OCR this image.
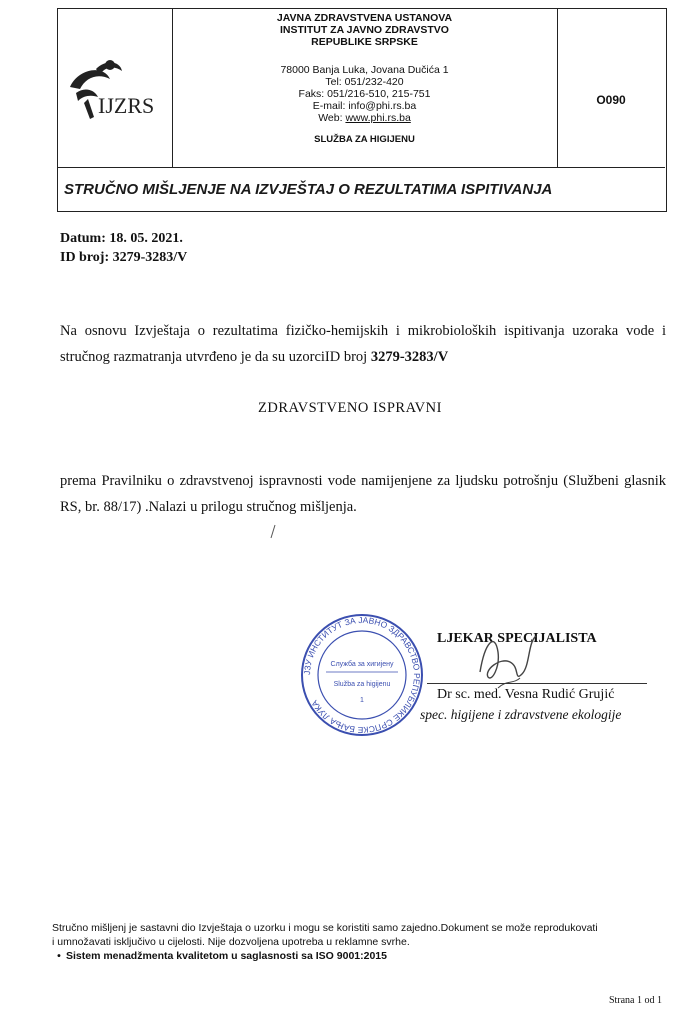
IJZRS
JAVNA ZDRAVSTVENA USTANOVA
INSTITUT ZA JAVNO ZDRAVSTVO
REPUBLIKE SRPSKE
78000 Banja Luka, Jovana Dučića 1
Tel: 051/232-420
Faks: 051/216-510, 215-751
E-mail: info@phi.rs.ba
Web: www.phi.rs.ba
SLUŽBA ZA HIGIJENU
O090
STRUČNO MIŠLJENJE NA IZVJEŠTAJ O REZULTATIMA ISPITIVANJA
Datum: 18. 05. 2021.
ID broj: 3279-3283/V
Na osnovu Izvještaja o rezultatima fizičko-hemijskih i mikrobioloških ispitivanja uzoraka vode i stručnog razmatranja utvrđeno je da su uzorciID broj 3279-3283/V
ZDRAVSTVENO ISPRAVNI
prema Pravilniku o zdravstvenoj ispravnosti vode namijenjene za ljudsku potrošnju (Službeni glasnik RS, br. 88/17) .Nalazi u prilogu stručnog mišljenja.
ЈЗУ ИНСТИТУТ ЗА ЈАВНО ЗДРАВСТВО РЕПУБЛИКЕ СРПСКЕ БАЊА ЛУКА
Служба за хигијену
Služba za higijenu
1
LJEKAR SPECIJALISTA
Dr sc. med. Vesna Rudić Grujić
spec. higijene i zdravstvene ekologije
Stručno mišljenj je sastavni dio Izvještaja o uzorku i mogu se koristiti samo zajedno.Dokument se može reprodukovati
i umnožavati isključivo u cijelosti. Nije dozvoljena upotreba u reklamne svrhe.
• Sistem menadžmenta kvalitetom u saglasnosti sa ISO 9001:2015
Strana 1 od 1
